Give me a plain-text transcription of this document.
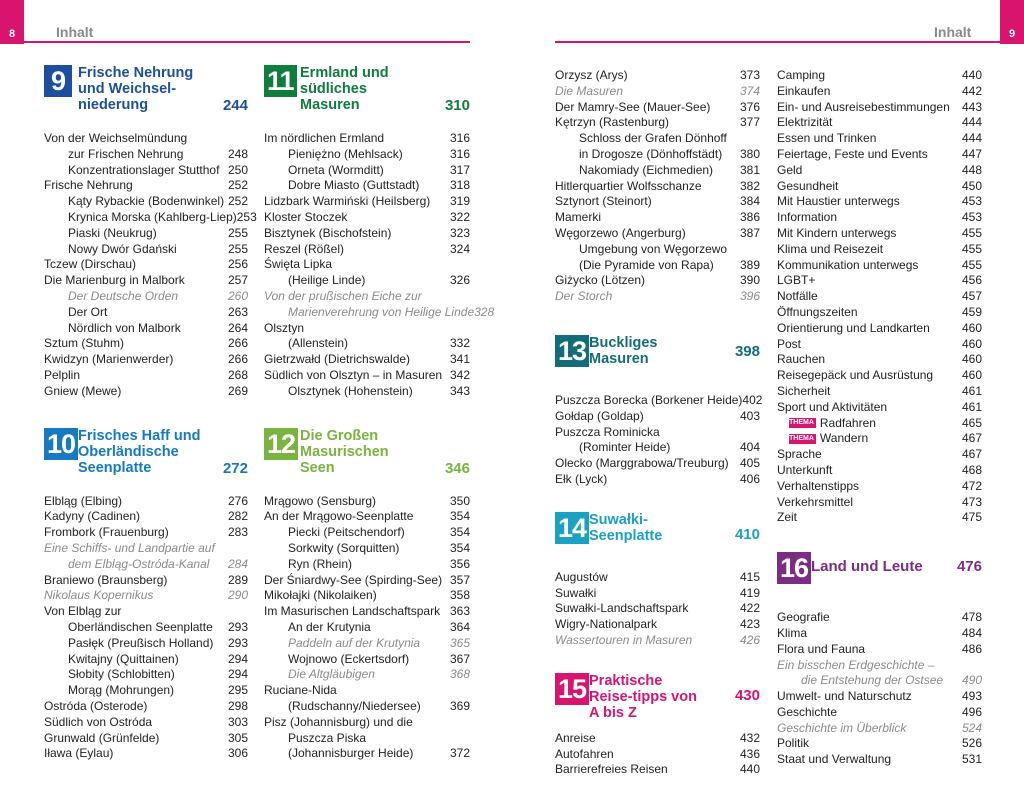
8	Inhalt	9
Inhalt
9 Frische Nehrung und Weichsel-niederung	244
Von der Weichselmündung
zur Frischen Nehrung	248
Konzentrationslager Stutthof 250
Frische Nehrung	252
Kąty Rybackie (Bodenwinkel) 252
Krynica Morska (Kahlberg-Liep) 253
Piaski (Neukrug)	255
Nowy Dwór Gdański	255
Tczew (Dirschau)	256
Die Marienburg in Malbork	257
Der Deutsche Orden	260
Der Ort	263
Nördlich von Malbork	264
Sztum (Stuhm)	266
Kwidzyn (Marienwerder)	266
Pelplin	268
Gniew (Mewe)	269
10 Frisches Haff und Oberländische Seenplatte	272
Elbląg (Elbing)	276
Kadyny (Cadinen)	282
Frombork (Frauenburg)	283
Eine Schiffs- und Landpartie auf
dem Elbląg-Ostróda-Kanal 284
Braniewo (Braunsberg)	289
Nikolaus Kopernikus	290
Von Elbląg zur
Oberländischen Seenplatte 293
Pasłęk (Preußisch Holland) 293
Kwitajny (Quittainen)	294
Słobity (Schlobitten)	294
Morąg (Mohrungen)	295
Ostróda (Osterode)	298
Südlich von Ostróda	303
Grunwald (Grünfelde)	305
Iława (Eylau)	306
11 Ermland und südliches Masuren	310
Im nördlichen Ermland	316
Pieniężno (Mehlsack)	316
Orneta (Wormditt)	317
Dobre Miasto (Guttstadt)	318
Lidzbark Warmiński (Heilsberg) 319
Kloster Stoczek	322
Bisztynek (Bischofstein)	323
Reszel (Rößel)	324
Święta Lipka
(Heilige Linde)	326
Von der prußischen Eiche zur
Marienverehrung von Heilige Linde 328
Olsztyn
(Allenstein)	332
Gietrzwałd (Dietrichswalde)	341
Südlich von Olsztyn – in Masuren 342
Olsztynek (Hohenstein)	343
12 Die Großen Masurischen Seen	346
Mrągowo (Sensburg)	350
An der Mrągowo-Seenplatte	354
Piecki (Peitschendorf)	354
Sorkwity (Sorquitten)	354
Ryn (Rhein)	356
Der Śniardwy-See (Spirding-See) 357
Mikołajki (Nikolaiken)	358
Im Masurischen Landschaftspark 363
An der Krutynia	364
Paddeln auf der Krutynia 365
Wojnowo (Eckertsdorf)	367
Die Altgläubigen	368
Ruciane-Nida
(Rudschanny/Niedersee) 369
Pisz (Johannisburg) und die
Puszcza Piska
(Johannisburger Heide)	372
Orzysz (Arys)	373
Die Masuren	374
Der Mamry-See (Mauer-See) 376
Kętrzyn (Rastenburg)	377
Schloss der Grafen Dönhoff
in Drogosze (Dönhoffstädt) 380
Nakomiady (Eichmedien) 381
Hitlerquartier Wolfsschanze	382
Sztynort (Steinort)	384
Mamerki	386
Węgorzewo (Angerburg)	387
Umgebung von Węgorzewo
(Die Pyramide von Rapa) 389
Giżycko (Lötzen)	390
Der Storch	396
13 Buckliges Masuren	398
Puszcza Borecka (Borkener Heide) 402
Gołdap (Goldap)	403
Puszcza Rominicka
(Rominter Heide)	404
Olecko (Marggrabowa/Treuburg) 405
Ełk (Lyck)	406
14 Suwałki-Seenplatte	410
Augustów	415
Suwałki	419
Suwałki-Landschaftspark	422
Wigry-Nationalpark	423
Wassertouren in Masuren	426
15 Praktische Reise-tipps von A bis Z
430
Anreise	432
Autofahren	436
Barrierefreies Reisen	440
Camping	440
Einkaufen	442
Ein- und Ausreisebestimmungen 443
Elektrizität	444
Essen und Trinken	444
Feiertage, Feste und Events	447
Geld	448
Gesundheit	450
Mit Haustier unterwegs	453
Information	453
Mit Kindern unterwegs	455
Klima und Reisezeit	455
Kommunikation unterwegs	455
LGBT+	456
Notfälle	457
Öffnungszeiten	459
Orientierung und Landkarten	460
Post	460
Rauchen	460
Reisegepäck und Ausrüstung 460
Sicherheit	461
Sport und Aktivitäten	461
THEMA Radfahren	465
THEMA Wandern	467
Sprache	467
Unterkunft	468
Verhaltenstipps	472
Verkehrsmittel	473
Zeit	475
16 Land und Leute	476
Geografie	478
Klima	484
Flora und Fauna	486
Ein bisschen Erdgeschichte –
die Entstehung der Ostsee 490
Umwelt- und Naturschutz	493
Geschichte	496
Geschichte im Überblick	524
Politik	526
Staat und Verwaltung	531
